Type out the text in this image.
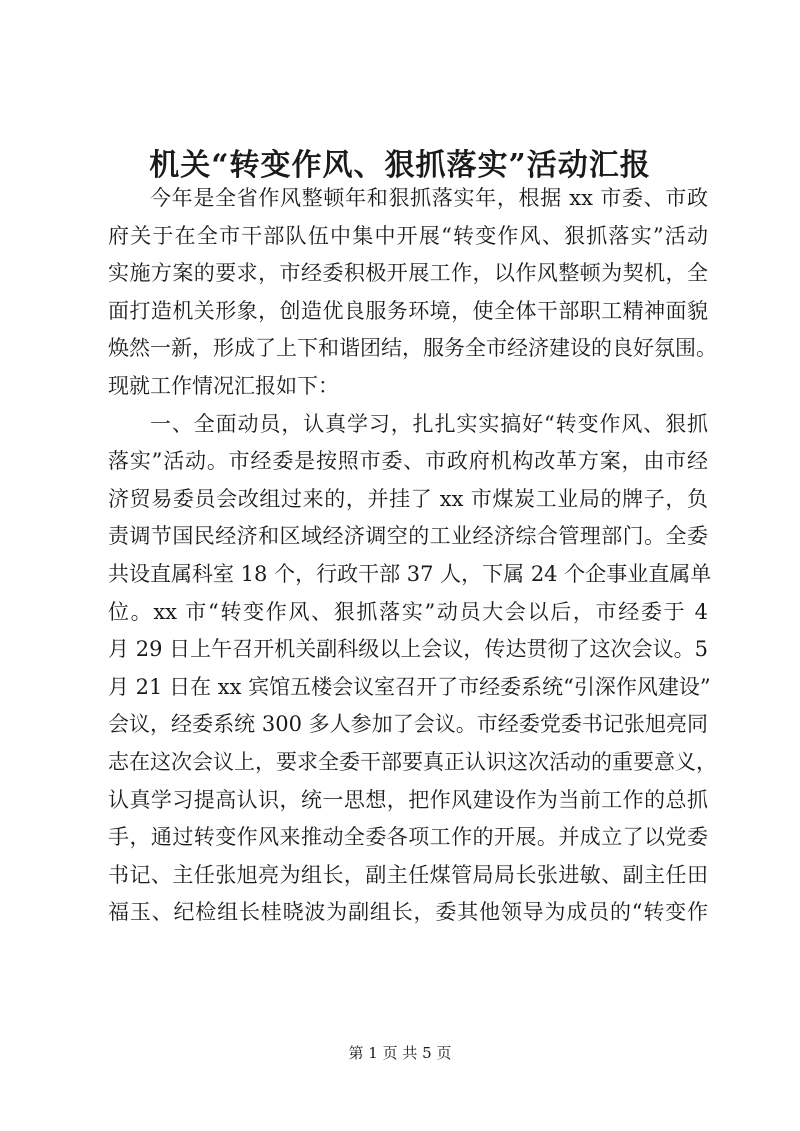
机关“转变作风、狠抓落实”活动汇报
今年是全省作风整顿年和狠抓落实年，根据 xx 市委、市政
府关于在全市干部队伍中集中开展“转变作风、狠抓落实”活动
实施方案的要求，市经委积极开展工作，以作风整顿为契机，全
面打造机关形象，创造优良服务环境，使全体干部职工精神面貌
焕然一新，形成了上下和谐团结，服务全市经济建设的良好氛围。
现就工作情况汇报如下：
一、全面动员，认真学习，扎扎实实搞好“转变作风、狠抓
落实”活动。市经委是按照市委、市政府机构改革方案，由市经
济贸易委员会改组过来的，并挂了 xx 市煤炭工业局的牌子，负
责调节国民经济和区域经济调空的工业经济综合管理部门。全委
共设直属科室 18 个，行政干部 37 人，下属 24 个企事业直属单
位。xx 市“转变作风、狠抓落实”动员大会以后，市经委于 4
月 29 日上午召开机关副科级以上会议，传达贯彻了这次会议。5
月 21 日在 xx 宾馆五楼会议室召开了市经委系统“引深作风建设”
会议，经委系统 300 多人参加了会议。市经委党委书记张旭亮同
志在这次会议上，要求全委干部要真正认识这次活动的重要意义，
认真学习提高认识，统一思想，把作风建设作为当前工作的总抓
手，通过转变作风来推动全委各项工作的开展。并成立了以党委
书记、主任张旭亮为组长，副主任煤管局局长张进敏、副主任田
福玉、纪检组长桂晓波为副组长，委其他领导为成员的“转变作
第 1 页 共 5 页
